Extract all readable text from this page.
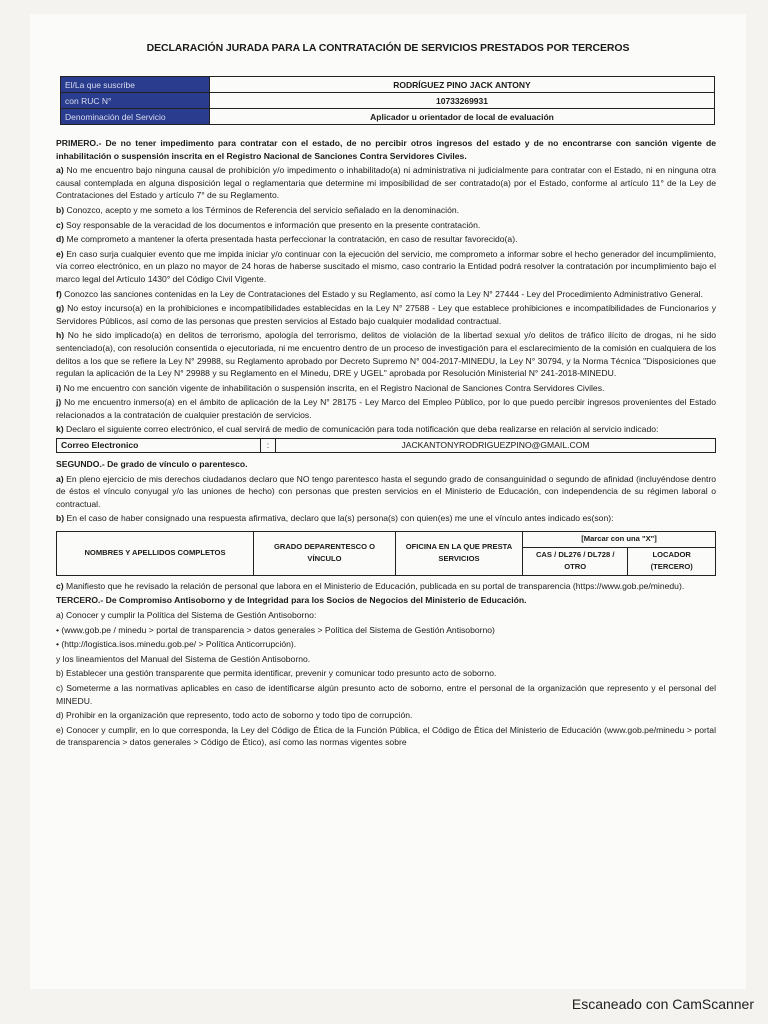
DECLARACIÓN JURADA PARA LA CONTRATACIÓN DE SERVICIOS PRESTADOS POR TERCEROS
El/La que suscribe	RODRÍGUEZ PINO JACK ANTONY
con RUC N°	10733269931
Denominación del Servicio	Aplicador u orientador de local de evaluación

PRIMERO.- De no tener impedimento para contratar con el estado, de no percibir otros ingresos del estado y de no encontrarse con sanción vigente de inhabilitación o suspensión inscrita en el Registro Nacional de Sanciones Contra Servidores Civiles.

a) No me encuentro bajo ninguna causal de prohibición y/o impedimento o inhabilitado(a) ni administrativa ni judicialmente para contratar con el Estado, ni en ninguna otra causal contemplada en alguna disposición legal o reglamentaria que determine mi imposibilidad de ser contratado(a) por el Estado, conforme al artículo 11° de la Ley de Contrataciones del Estado y artículo 7° de su Reglamento.

b) Conozco, acepto y me someto a los Términos de Referencia del servicio señalado en la denominación.

c) Soy responsable de la veracidad de los documentos e información que presento en la presente contratación.

d) Me comprometo a mantener la oferta presentada hasta perfeccionar la contratación, en caso de resultar favorecido(a).

e) En caso surja cualquier evento que me impida iniciar y/o continuar con la ejecución del servicio, me comprometo a informar sobre el hecho generador del incumplimiento, vía correo electrónico, en un plazo no mayor de 24 horas de haberse suscitado el mismo, caso contrario la Entidad podrá resolver la contratación por incumplimiento bajo el marco legal del Artículo 1430° del Código Civil Vigente.

f) Conozco las sanciones contenidas en la Ley de Contrataciones del Estado y su Reglamento, así como la Ley N° 27444 - Ley del Procedimiento Administrativo General.

g) No estoy incurso(a) en la prohibiciones e incompatibilidades establecidas en la Ley N° 27588 - Ley que establece prohibiciones e incompatibilidades de Funcionarios y Servidores Públicos, así como de las personas que presten servicios al Estado bajo cualquier modalidad contractual.

h) No he sido implicado(a) en delitos de terrorismo, apología del terrorismo, delitos de violación de la libertad sexual y/o delitos de tráfico ilícito de drogas, ni he sido sentenciado(a), con resolución consentida o ejecutoriada, ni me encuentro dentro de un proceso de investigación para el esclarecimiento de la comisión en cualquiera de los delitos a los que se refiere la Ley N° 29988, su Reglamento aprobado por Decreto Supremo N° 004-2017-MINEDU, la Ley N° 30794, y la Norma Técnica "Disposiciones que regulan la aplicación de la Ley N° 29988 y su Reglamento en el Minedu, DRE y UGEL" aprobada por Resolución Ministerial N° 241-2018-MINEDU.

i) No me encuentro con sanción vigente de inhabilitación o suspensión inscrita, en el Registro Nacional de Sanciones Contra Servidores Civiles.

j) No me encuentro inmerso(a) en el ámbito de aplicación de la Ley N° 28175 - Ley Marco del Empleo Público, por lo que puedo percibir ingresos provenientes del Estado relacionados a la contratación de cualquier prestación de servicios.

k) Declaro el siguiente correo electrónico, el cual servirá de medio de comunicación para toda notificación que deba realizarse en relación al servicio indicado:

Correo Electronico	:	JACKANTONYRODRIGUEZPINO@GMAIL.COM

SEGUNDO.- De grado de vínculo o parentesco.

a) En pleno ejercicio de mis derechos ciudadanos declaro que NO tengo parentesco hasta el segundo grado de consanguinidad o segundo de afinidad (incluyéndose dentro de éstos el vínculo conyugal y/o las uniones de hecho) con personas que presten servicios en el Ministerio de Educación, con independencia de su régimen laboral o contractual.

b) En el caso de haber consignado una respuesta afirmativa, declaro que la(s) persona(s) con quien(es) me une el vínculo antes indicado es(son):

NOMBRES Y APELLIDOS COMPLETOS	GRADO DEPARENTESCO O VÍNCULO	OFICINA EN LA QUE PRESTA SERVICIOS	[Marcar con una "X"]	
			CAS / DL276 / DL728 / OTRO	LOCADOR (TERCERO)

c) Manifiesto que he revisado la relación de personal que labora en el Ministerio de Educación, publicada en su portal de transparencia (https://www.gob.pe/minedu).

TERCERO.- De Compromiso Antisoborno y de Integridad para los Socios de Negocios del Ministerio de Educación.

a) Conocer y cumplir la Política del Sistema de Gestión Antisoborno:

• (www.gob.pe / minedu > portal de transparencia > datos generales > Política del Sistema de Gestión Antisoborno)

• (http://logistica.isos.minedu.gob.pe/ > Política Anticorrupción).

y los lineamientos del Manual del Sistema de Gestión Antisoborno.

b) Establecer una gestión transparente que permita identificar, prevenir y comunicar todo presunto acto de soborno.

c) Someterme a las normativas aplicables en caso de identificarse algún presunto acto de soborno, entre el personal de la organización que represento y el personal del MINEDU.

d) Prohibir en la organización que represento, todo acto de soborno y todo tipo de corrupción.

e) Conocer y cumplir, en lo que corresponda, la Ley del Código de Ética de la Función Pública, el Código de Ética del Ministerio de Educación (www.gob.pe/minedu > portal de transparencia > datos generales > Código de Ético), así como las normas vigentes sobre

Escaneado con CamScanner
